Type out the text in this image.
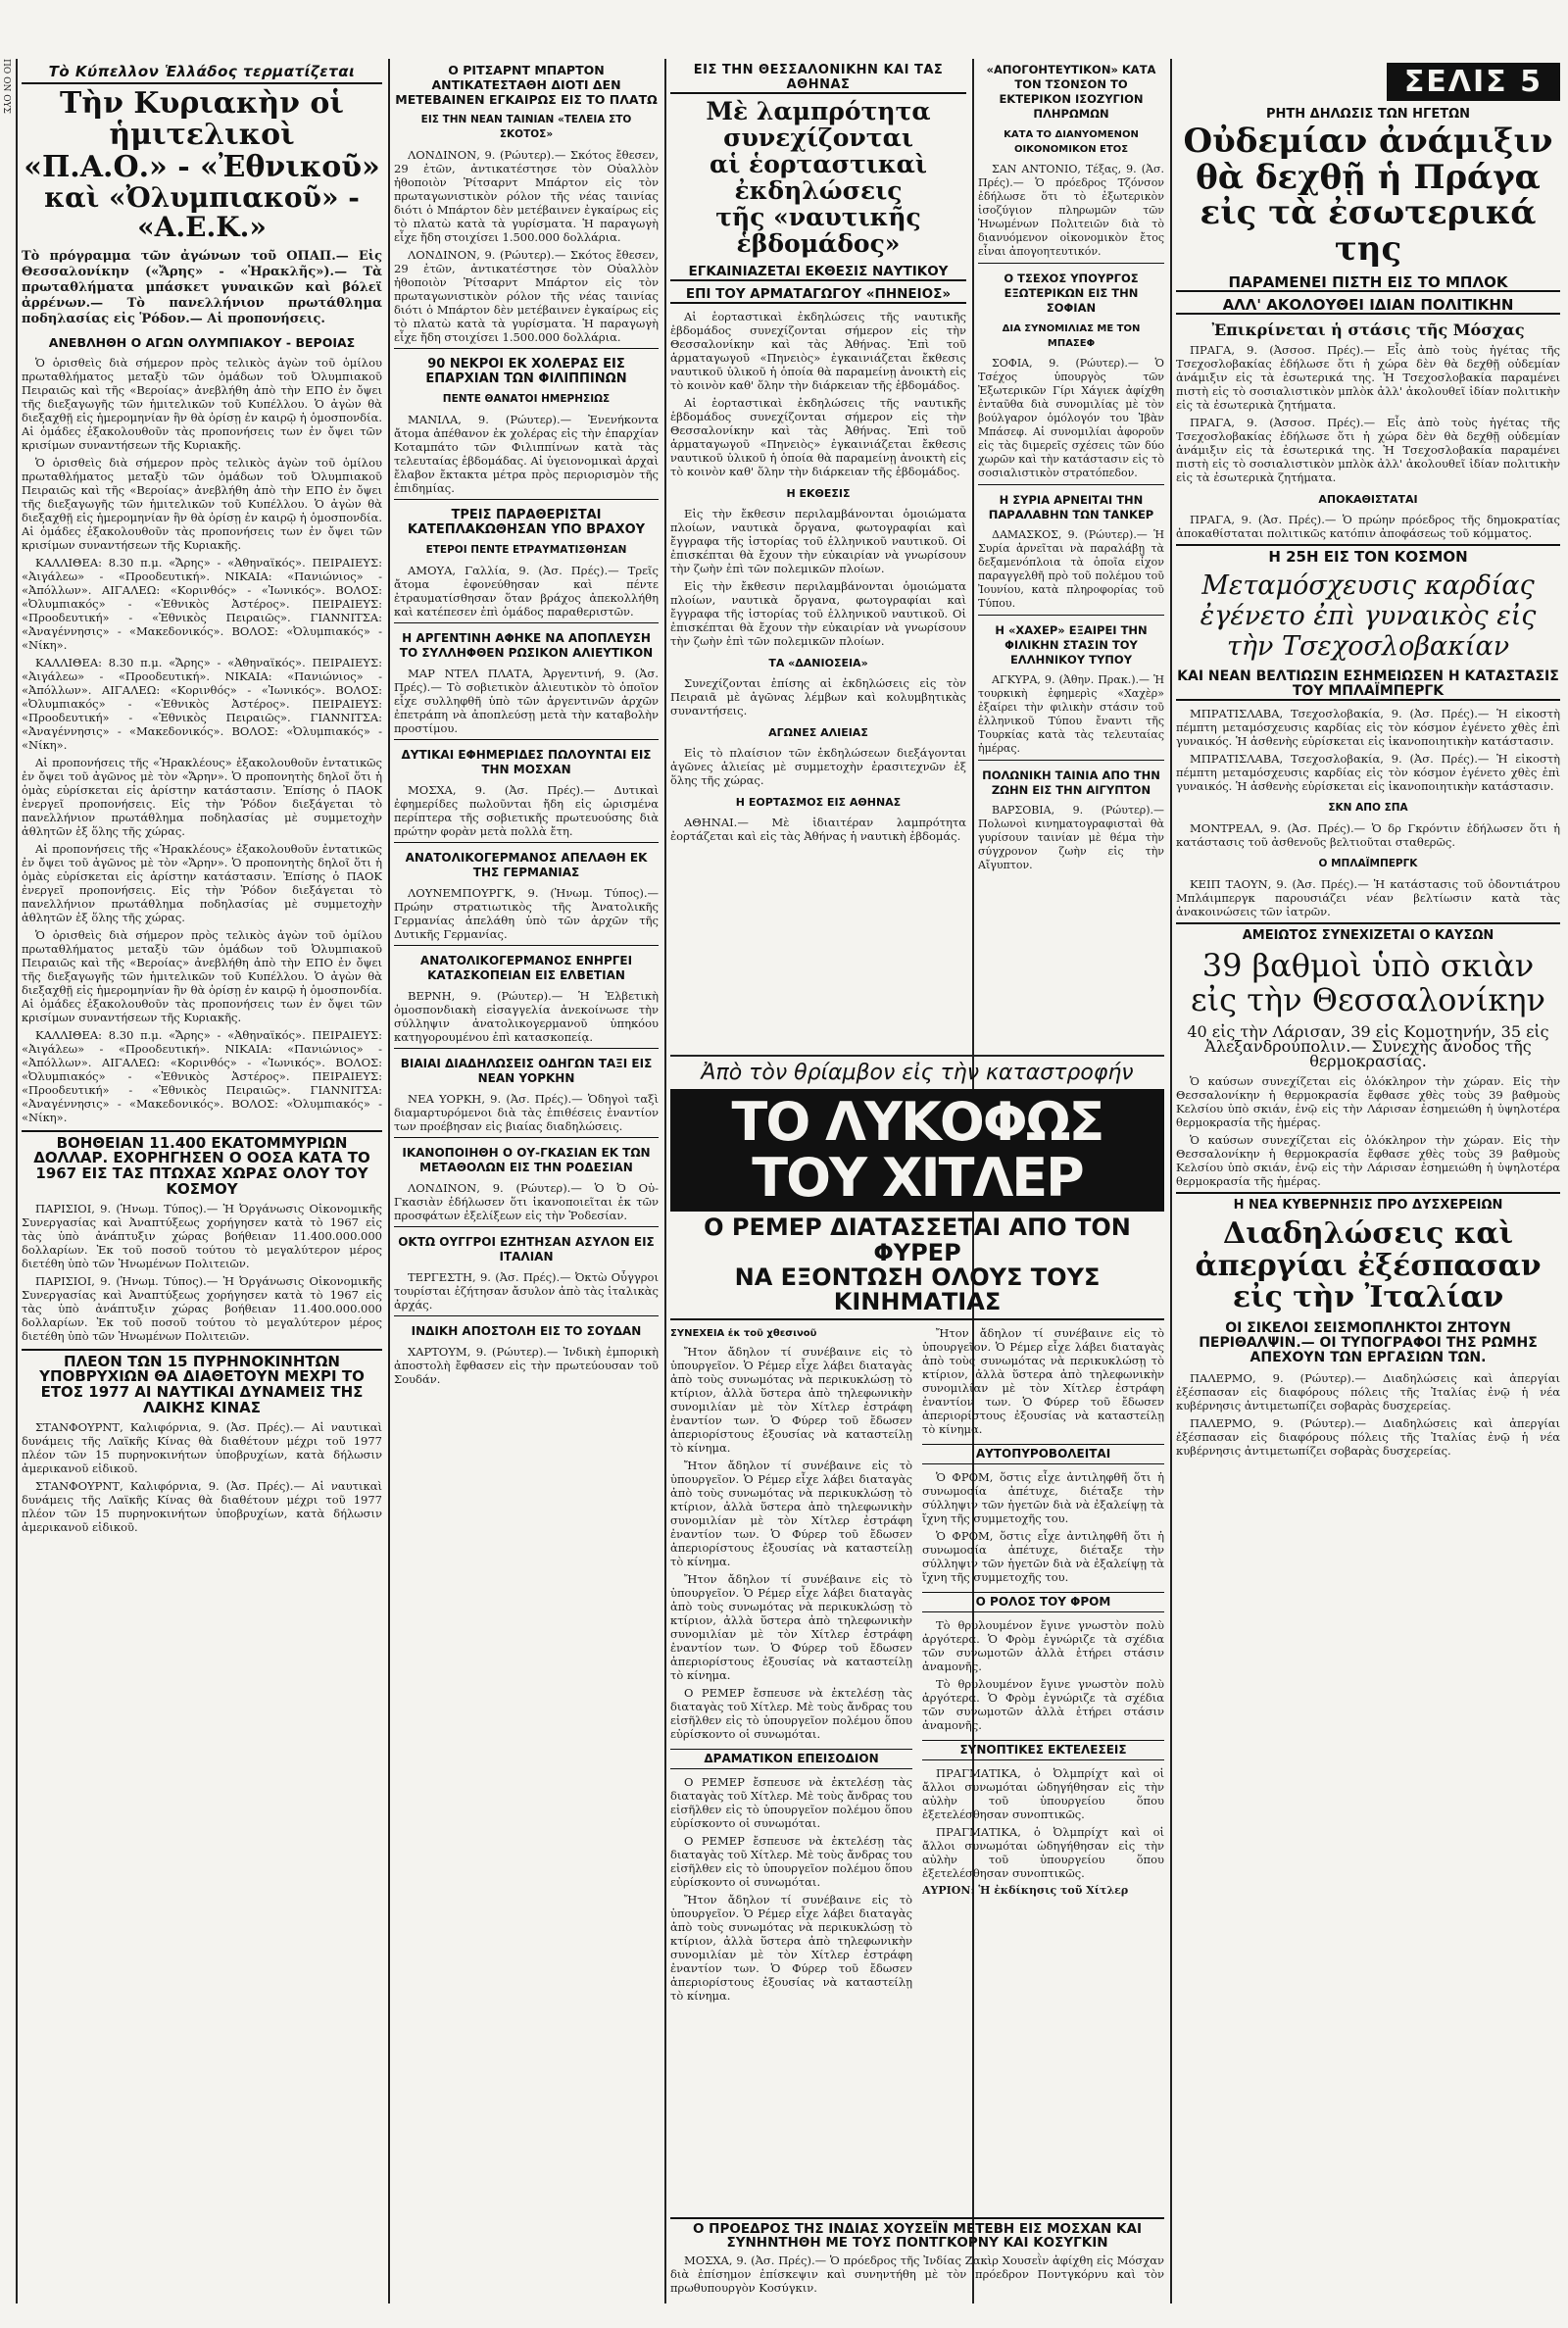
ΠΟ ΟΝ ΟΥΣ	Τὸ Κύπελλον Ἑλλάδος τερματίζεται
Τὴν Κυριακὴν οἱ ἡμιτελικοὶ
«Π.Α.Ο.» - «Ἐθνικοῦ»
καὶ «Ὀλυμπιακοῦ» - «Α.Ε.Κ.»
Τὸ πρόγραμμα τῶν ἀγώνων τοῦ ΟΠΑΠ.— Εἰς Θεσσαλονίκην («Ἄρης» - «Ἡρακλῆς»).— Τὰ πρωταθλήματα μπάσκετ γυναικῶν καὶ βόλεϊ ἀρρένων.— Τὸ πανελλήνιον πρωτάθλημα ποδηλασίας εἰς Ῥόδον.— Αἱ προπονήσεις.
ΑΝΕΒΛΗΘΗ Ο ΑΓΩΝ ΟΛΥΜΠΙΑΚΟΥ - ΒΕΡΟΙΑΣ

Ὁ ὁρισθεὶς διὰ σήμερον πρὸς τελικὸς ἀγὼν τοῦ ὁμίλου πρωταθλήματος μεταξὺ τῶν ὁμάδων τοῦ Ὀλυμπιακοῦ Πειραιῶς καὶ τῆς «Βεροίας» ἀνεβλήθη ἀπὸ τὴν ΕΠΟ ἐν ὄψει τῆς διεξαγωγῆς τῶν ἡμιτελικῶν τοῦ Κυπέλλου. Ὁ ἀγὼν θὰ διεξαχθῇ εἰς ἡμερομηνίαν ἣν θὰ ὁρίσῃ ἐν καιρῷ ἡ ὁμοσπονδία. Αἱ ὁμάδες ἐξακολουθοῦν τὰς προπονήσεις των ἐν ὄψει τῶν κρισίμων συναντήσεων τῆς Κυριακῆς.

Ὁ ὁρισθεὶς διὰ σήμερον πρὸς τελικὸς ἀγὼν τοῦ ὁμίλου πρωταθλήματος μεταξὺ τῶν ὁμάδων τοῦ Ὀλυμπιακοῦ Πειραιῶς καὶ τῆς «Βεροίας» ἀνεβλήθη ἀπὸ τὴν ΕΠΟ ἐν ὄψει τῆς διεξαγωγῆς τῶν ἡμιτελικῶν τοῦ Κυπέλλου. Ὁ ἀγὼν θὰ διεξαχθῇ εἰς ἡμερομηνίαν ἣν θὰ ὁρίσῃ ἐν καιρῷ ἡ ὁμοσπονδία. Αἱ ὁμάδες ἐξακολουθοῦν τὰς προπονήσεις των ἐν ὄψει τῶν κρισίμων συναντήσεων τῆς Κυριακῆς.

ΚΑΛΛΙΘΕΑ: 8.30 π.μ. «Ἄρης» - «Ἀθηναϊκός». ΠΕΙΡΑΙΕΥΣ: «Ἀιγάλεω» - «Προοδευτική». ΝΙΚΑΙΑ: «Πανιώνιος» - «Ἀπόλλων». ΑΙΓΑΛΕΩ: «Κορινθός» - «Ἰωνικός». ΒΟΛΟΣ: «Ὀλυμπιακός» - «Ἐθνικὸς Ἀστέρος». ΠΕΙΡΑΙΕΥΣ: «Προοδευτική» - «Ἐθνικὸς Πειραιῶς». ΓΙΑΝΝΙΤΣΑ: «Ἀναγέννησις» - «Μακεδονικός». ΒΟΛΟΣ: «Ὀλυμπιακός» - «Νίκη».

ΚΑΛΛΙΘΕΑ: 8.30 π.μ. «Ἄρης» - «Ἀθηναϊκός». ΠΕΙΡΑΙΕΥΣ: «Ἀιγάλεω» - «Προοδευτική». ΝΙΚΑΙΑ: «Πανιώνιος» - «Ἀπόλλων». ΑΙΓΑΛΕΩ: «Κορινθός» - «Ἰωνικός». ΒΟΛΟΣ: «Ὀλυμπιακός» - «Ἐθνικὸς Ἀστέρος». ΠΕΙΡΑΙΕΥΣ: «Προοδευτική» - «Ἐθνικὸς Πειραιῶς». ΓΙΑΝΝΙΤΣΑ: «Ἀναγέννησις» - «Μακεδονικός». ΒΟΛΟΣ: «Ὀλυμπιακός» - «Νίκη».

Αἱ προπονήσεις τῆς «Ἡρακλέους» ἐξακολουθοῦν ἐντατικῶς ἐν ὄψει τοῦ ἀγῶνος μὲ τὸν «Ἄρην». Ὁ προπονητὴς δηλοῖ ὅτι ἡ ὁμὰς εὑρίσκεται εἰς ἀρίστην κατάστασιν. Ἐπίσης ὁ ΠΑΟΚ ἐνεργεῖ προπονήσεις. Εἰς τὴν Ῥόδον διεξάγεται τὸ πανελλήνιον πρωτάθλημα ποδηλασίας μὲ συμμετοχὴν ἀθλητῶν ἐξ ὅλης τῆς χώρας.

Αἱ προπονήσεις τῆς «Ἡρακλέους» ἐξακολουθοῦν ἐντατικῶς ἐν ὄψει τοῦ ἀγῶνος μὲ τὸν «Ἄρην». Ὁ προπονητὴς δηλοῖ ὅτι ἡ ὁμὰς εὑρίσκεται εἰς ἀρίστην κατάστασιν. Ἐπίσης ὁ ΠΑΟΚ ἐνεργεῖ προπονήσεις. Εἰς τὴν Ῥόδον διεξάγεται τὸ πανελλήνιον πρωτάθλημα ποδηλασίας μὲ συμμετοχὴν ἀθλητῶν ἐξ ὅλης τῆς χώρας.

Ὁ ὁρισθεὶς διὰ σήμερον πρὸς τελικὸς ἀγὼν τοῦ ὁμίλου πρωταθλήματος μεταξὺ τῶν ὁμάδων τοῦ Ὀλυμπιακοῦ Πειραιῶς καὶ τῆς «Βεροίας» ἀνεβλήθη ἀπὸ τὴν ΕΠΟ ἐν ὄψει τῆς διεξαγωγῆς τῶν ἡμιτελικῶν τοῦ Κυπέλλου. Ὁ ἀγὼν θὰ διεξαχθῇ εἰς ἡμερομηνίαν ἣν θὰ ὁρίσῃ ἐν καιρῷ ἡ ὁμοσπονδία. Αἱ ὁμάδες ἐξακολουθοῦν τὰς προπονήσεις των ἐν ὄψει τῶν κρισίμων συναντήσεων τῆς Κυριακῆς.

ΚΑΛΛΙΘΕΑ: 8.30 π.μ. «Ἄρης» - «Ἀθηναϊκός». ΠΕΙΡΑΙΕΥΣ: «Ἀιγάλεω» - «Προοδευτική». ΝΙΚΑΙΑ: «Πανιώνιος» - «Ἀπόλλων». ΑΙΓΑΛΕΩ: «Κορινθός» - «Ἰωνικός». ΒΟΛΟΣ: «Ὀλυμπιακός» - «Ἐθνικὸς Ἀστέρος». ΠΕΙΡΑΙΕΥΣ: «Προοδευτική» - «Ἐθνικὸς Πειραιῶς». ΓΙΑΝΝΙΤΣΑ: «Ἀναγέννησις» - «Μακεδονικός». ΒΟΛΟΣ: «Ὀλυμπιακός» - «Νίκη».

ΒΟΗΘΕΙΑΝ 11.400 ΕΚΑΤΟΜΜΥΡΙΩΝ ΔΟΛΛΑΡ. ΕΧΟΡΗΓΗΣΕΝ Ο ΟΟΣΑ ΚΑΤΑ ΤΟ 1967 ΕΙΣ ΤΑΣ ΠΤΩΧΑΣ ΧΩΡΑΣ ΟΛΟΥ ΤΟΥ ΚΟΣΜΟΥ

ΠΑΡΙΣΙΟΙ, 9. (Ἡνωμ. Τύπος).— Ἡ Ὀργάνωσις Οἰκονομικῆς Συνεργασίας καὶ Ἀναπτύξεως χορήγησεν κατὰ τὸ 1967 εἰς τὰς ὑπὸ ἀνάπτυξιν χώρας βοήθειαν 11.400.000.000 δολλαρίων. Ἐκ τοῦ ποσοῦ τούτου τὸ μεγαλύτερον μέρος διετέθη ὑπὸ τῶν Ἡνωμένων Πολιτειῶν.

ΠΑΡΙΣΙΟΙ, 9. (Ἡνωμ. Τύπος).— Ἡ Ὀργάνωσις Οἰκονομικῆς Συνεργασίας καὶ Ἀναπτύξεως χορήγησεν κατὰ τὸ 1967 εἰς τὰς ὑπὸ ἀνάπτυξιν χώρας βοήθειαν 11.400.000.000 δολλαρίων. Ἐκ τοῦ ποσοῦ τούτου τὸ μεγαλύτερον μέρος διετέθη ὑπὸ τῶν Ἡνωμένων Πολιτειῶν.

ΠΛΕΟΝ ΤΩΝ 15 ΠΥΡΗΝΟΚΙΝΗΤΩΝ ΥΠΟΒΡΥΧΙΩΝ ΘΑ ΔΙΑΘΕΤΟΥΝ ΜΕΧΡΙ ΤΟ ΕΤΟΣ 1977 ΑΙ ΝΑΥΤΙΚΑΙ ΔΥΝΑΜΕΙΣ ΤΗΣ ΛΑΙΚΗΣ ΚΙΝΑΣ

ΣΤΑΝΦΟΥΡΝΤ, Καλιφόρνια, 9. (Ἀσ. Πρές).— Αἱ ναυτικαὶ δυνάμεις τῆς Λαϊκῆς Κίνας θὰ διαθέτουν μέχρι τοῦ 1977 πλέον τῶν 15 πυρηνοκινήτων ὑποβρυχίων, κατὰ δήλωσιν ἀμερικανοῦ εἰδικοῦ.

ΣΤΑΝΦΟΥΡΝΤ, Καλιφόρνια, 9. (Ἀσ. Πρές).— Αἱ ναυτικαὶ δυνάμεις τῆς Λαϊκῆς Κίνας θὰ διαθέτουν μέχρι τοῦ 1977 πλέον τῶν 15 πυρηνοκινήτων ὑποβρυχίων, κατὰ δήλωσιν ἀμερικανοῦ εἰδικοῦ.

Ο ΡΙΤΣΑΡΝΤ ΜΠΑΡΤΟΝ ΑΝΤΙΚΑΤΕΣΤΑΘΗ ΔΙΟΤΙ ΔΕΝ ΜΕΤΕΒΑΙΝΕΝ ΕΓΚΑΙΡΩΣ ΕΙΣ ΤΟ ΠΛΑΤΩ
ΕΙΣ ΤΗΝ ΝΕΑΝ ΤΑΙΝΙΑΝ «ΤΕΛΕΙΑ ΣΤΟ ΣΚΟΤΟΣ»

ΛΟΝΔΙΝΟΝ, 9. (Ρώυτερ).— Σκότος ἔθεσεν, 29 ἐτῶν, ἀντικατέστησε τὸν Οὐαλλὸν ἠθοποιὸν Ῥίτσαρντ Μπάρτον εἰς τὸν πρωταγωνιστικὸν ρόλον τῆς νέας ταινίας διότι ὁ Μπάρτον δὲν μετέβαινεν ἐγκαίρως εἰς τὸ πλατὼ κατὰ τὰ γυρίσματα. Ἡ παραγωγὴ εἶχε ἤδη στοιχίσει 1.500.000 δολλάρια.

ΛΟΝΔΙΝΟΝ, 9. (Ρώυτερ).— Σκότος ἔθεσεν, 29 ἐτῶν, ἀντικατέστησε τὸν Οὐαλλὸν ἠθοποιὸν Ῥίτσαρντ Μπάρτον εἰς τὸν πρωταγωνιστικὸν ρόλον τῆς νέας ταινίας διότι ὁ Μπάρτον δὲν μετέβαινεν ἐγκαίρως εἰς τὸ πλατὼ κατὰ τὰ γυρίσματα. Ἡ παραγωγὴ εἶχε ἤδη στοιχίσει 1.500.000 δολλάρια.

90 ΝΕΚΡΟΙ ΕΚ ΧΟΛΕΡΑΣ ΕΙΣ ΕΠΑΡΧΙΑΝ ΤΩΝ ΦΙΛΙΠΠΙΝΩΝ
ΠΕΝΤΕ ΘΑΝΑΤΟΙ ΗΜΕΡΗΣΙΩΣ

ΜΑΝΙΛΑ, 9. (Ρώυτερ).— Ἐνενήκοντα ἄτομα ἀπέθανον ἐκ χολέρας εἰς τὴν ἐπαρχίαν Κοταμπάτο τῶν Φιλιππίνων κατὰ τὰς τελευταίας ἑβδομάδας. Αἱ ὑγειονομικαὶ ἀρχαὶ ἔλαβον ἔκτακτα μέτρα πρὸς περιορισμὸν τῆς ἐπιδημίας.

ΤΡΕΙΣ ΠΑΡΑΘΕΡΙΣΤΑΙ ΚΑΤΕΠΛΑΚΩΘΗΣΑΝ ΥΠΟ ΒΡΑΧΟΥ
ΕΤΕΡΟΙ ΠΕΝΤΕ ΕΤΡΑΥΜΑΤΙΣΘΗΣΑΝ

ΑΜΟΥΑ, Γαλλία, 9. (Ἀσ. Πρές).— Τρεῖς ἄτομα ἐφονεύθησαν καὶ πέντε ἐτραυματίσθησαν ὅταν βράχος ἀπεκολλήθη καὶ κατέπεσεν ἐπὶ ὁμάδος παραθεριστῶν.

Η ΑΡΓΕΝΤΙΝΗ ΑΦΗΚΕ ΝΑ ΑΠΟΠΛΕΥΣΗ ΤΟ ΣΥΛΛΗΦΘΕΝ ΡΩΣΙΚΟΝ ΑΛΙΕΥΤΙΚΟΝ

ΜΑΡ ΝΤΕΛ ΠΛΑΤΑ, Ἀργεντινή, 9. (Ἀσ. Πρές).— Τὸ σοβιετικὸν ἁλιευτικὸν τὸ ὁποῖον εἶχε συλληφθῆ ὑπὸ τῶν ἀργεντινῶν ἀρχῶν ἐπετράπη νὰ ἀποπλεύσῃ μετὰ τὴν καταβολὴν προστίμου.

ΔΥΤΙΚΑΙ ΕΦΗΜΕΡΙΔΕΣ ΠΩΛΟΥΝΤΑΙ ΕΙΣ ΤΗΝ ΜΟΣΧΑΝ

ΜΟΣΧΑ, 9. (Ἀσ. Πρές).— Δυτικαὶ ἐφημερίδες πωλοῦνται ἤδη εἰς ὡρισμένα περίπτερα τῆς σοβιετικῆς πρωτευούσης διὰ πρώτην φορὰν μετὰ πολλὰ ἔτη.

ΑΝΑΤΟΛΙΚΟΓΕΡΜΑΝΟΣ ΑΠΕΛΑΘΗ ΕΚ ΤΗΣ ΓΕΡΜΑΝΙΑΣ

ΛΟΥΝΕΜΠΟΥΡΓΚ, 9. (Ἡνωμ. Τύπος).— Πρώην στρατιωτικὸς τῆς Ἀνατολικῆς Γερμανίας ἀπελάθη ὑπὸ τῶν ἀρχῶν τῆς Δυτικῆς Γερμανίας.

ΑΝΑΤΟΛΙΚΟΓΕΡΜΑΝΟΣ ΕΝΗΡΓΕΙ ΚΑΤΑΣΚΟΠΕΙΑΝ ΕΙΣ ΕΛΒΕΤΙΑΝ

ΒΕΡΝΗ, 9. (Ρώυτερ).— Ἡ Ἐλβετικὴ ὁμοσπονδιακὴ εἰσαγγελία ἀνεκοίνωσε τὴν σύλληψιν ἀνατολικογερμανοῦ ὑπηκόου κατηγορουμένου ἐπὶ κατασκοπείᾳ.

ΒΙΑΙΑΙ ΔΙΑΔΗΛΩΣΕΙΣ ΟΔΗΓΩΝ ΤΑΞΙ ΕΙΣ ΝΕΑΝ ΥΟΡΚΗΝ

ΝΕΑ ΥΟΡΚΗ, 9. (Ἀσ. Πρές).— Ὁδηγοὶ ταξὶ διαμαρτυρόμενοι διὰ τὰς ἐπιθέσεις ἐναντίον των προέβησαν εἰς βιαίας διαδηλώσεις.

ΙΚΑΝΟΠΟΙΗΘΗ Ο ΟΥ-ΓΚΑΣΙΑΝ ΕΚ ΤΩΝ ΜΕΤΑΘΟΛΩΝ ΕΙΣ ΤΗΝ ΡΟΔΕΣΙΑΝ

ΛΟΝΔΙΝΟΝ, 9. (Ρώυτερ).— Ὁ Ὀ Οὐ-Γκασιὰν ἐδήλωσεν ὅτι ἱκανοποιεῖται ἐκ τῶν προσφάτων ἐξελίξεων εἰς τὴν Ῥοδεσίαν.

ΟΚΤΩ ΟΥΓΓΡΟΙ ΕΖΗΤΗΣΑΝ ΑΣΥΛΟΝ ΕΙΣ ΙΤΑΛΙΑΝ

ΤΕΡΓΕΣΤΗ, 9. (Ἀσ. Πρές).— Ὀκτὼ Οὖγγροι τουρίσται ἐζήτησαν ἄσυλον ἀπὸ τὰς ἰταλικὰς ἀρχάς.

ΙΝΔΙΚΗ ΑΠΟΣΤΟΛΗ ΕΙΣ ΤΟ ΣΟΥΔΑΝ

ΧΑΡΤΟΥΜ, 9. (Ρώυτερ).— Ἰνδικὴ ἐμπορικὴ ἀποστολὴ ἔφθασεν εἰς τὴν πρωτεύουσαν τοῦ Σουδάν.

ΕΙΣ ΤΗΝ ΘΕΣΣΑΛΟΝΙΚΗΝ ΚΑΙ ΤΑΣ ΑΘΗΝΑΣ
Μὲ λαμπρότητα συνεχίζονται
αἱ ἑορταστικαὶ ἐκδηλώσεις
τῆς «ναυτικῆς ἑβδομάδος»
ΕΓΚΑΙΝΙΑΖΕΤΑΙ ΕΚΘΕΣΙΣ ΝΑΥΤΙΚΟΥ
ΕΠΙ ΤΟΥ ΑΡΜΑΤΑΓΩΓΟΥ «ΠΗΝΕΙΟΣ»

Αἱ ἑορταστικαὶ ἐκδηλώσεις τῆς ναυτικῆς ἑβδομάδος συνεχίζονται σήμερον εἰς τὴν Θεσσαλονίκην καὶ τὰς Ἀθήνας. Ἐπὶ τοῦ ἁρματαγωγοῦ «Πηνειὸς» ἐγκαινιάζεται ἔκθεσις ναυτικοῦ ὑλικοῦ ἡ ὁποία θὰ παραμείνῃ ἀνοικτὴ εἰς τὸ κοινὸν καθ' ὅλην τὴν διάρκειαν τῆς ἑβδομάδος.

Αἱ ἑορταστικαὶ ἐκδηλώσεις τῆς ναυτικῆς ἑβδομάδος συνεχίζονται σήμερον εἰς τὴν Θεσσαλονίκην καὶ τὰς Ἀθήνας. Ἐπὶ τοῦ ἁρματαγωγοῦ «Πηνειὸς» ἐγκαινιάζεται ἔκθεσις ναυτικοῦ ὑλικοῦ ἡ ὁποία θὰ παραμείνῃ ἀνοικτὴ εἰς τὸ κοινὸν καθ' ὅλην τὴν διάρκειαν τῆς ἑβδομάδος.

Η ΕΚΘΕΣΙΣ

Εἰς τὴν ἔκθεσιν περιλαμβάνονται ὁμοιώματα πλοίων, ναυτικὰ ὄργανα, φωτογραφίαι καὶ ἔγγραφα τῆς ἱστορίας τοῦ ἑλληνικοῦ ναυτικοῦ. Οἱ ἐπισκέπται θὰ ἔχουν τὴν εὐκαιρίαν νὰ γνωρίσουν τὴν ζωὴν ἐπὶ τῶν πολεμικῶν πλοίων.

Εἰς τὴν ἔκθεσιν περιλαμβάνονται ὁμοιώματα πλοίων, ναυτικὰ ὄργανα, φωτογραφίαι καὶ ἔγγραφα τῆς ἱστορίας τοῦ ἑλληνικοῦ ναυτικοῦ. Οἱ ἐπισκέπται θὰ ἔχουν τὴν εὐκαιρίαν νὰ γνωρίσουν τὴν ζωὴν ἐπὶ τῶν πολεμικῶν πλοίων.

ΤΑ «ΔΑΝΙΟΣΕΙΑ»

Συνεχίζονται ἐπίσης αἱ ἐκδηλώσεις εἰς τὸν Πειραιᾶ μὲ ἀγῶνας λέμβων καὶ κολυμβητικὰς συναντήσεις.

ΑΓΩΝΕΣ ΑΛΙΕΙΑΣ

Εἰς τὸ πλαίσιον τῶν ἐκδηλώσεων διεξάγονται ἀγῶνες ἁλιείας μὲ συμμετοχὴν ἐρασιτεχνῶν ἐξ ὅλης τῆς χώρας.

Η ΕΟΡΤΑΣΜΟΣ ΕΙΣ ΑΘΗΝΑΣ

ΑΘΗΝΑΙ.— Μὲ ἰδιαιτέραν λαμπρότητα ἐορτάζεται καὶ εἰς τὰς Ἀθήνας ἡ ναυτικὴ ἑβδομάς.

«ΑΠΟΓΟΗΤΕΥΤΙΚΟΝ» ΚΑΤΑ ΤΟΝ ΤΣΟΝΣΟΝ ΤΟ ΕΚΤΕΡΙΚΟΝ ΙΣΟΖΥΓΙΟΝ ΠΛΗΡΩΜΩΝ
ΚΑΤΑ ΤΟ ΔΙΑΝΥΟΜΕΝΟΝ ΟΙΚΟΝΟΜΙΚΟΝ ΕΤΟΣ

ΣΑΝ ΑΝΤΟΝΙΟ, Τέξας, 9. (Ἀσ. Πρές).— Ὁ πρόεδρος Τζόνσον ἐδήλωσε ὅτι τὸ ἐξωτερικὸν ἰσοζύγιον πληρωμῶν τῶν Ἡνωμένων Πολιτειῶν διὰ τὸ διανυόμενον οἰκονομικὸν ἔτος εἶναι ἀπογοητευτικόν.

Ο ΤΣΕΧΟΣ ΥΠΟΥΡΓΟΣ ΕΞΩΤΕΡΙΚΩΝ ΕΙΣ ΤΗΝ ΣΟΦΙΑΝ
ΔΙΑ ΣΥΝΟΜΙΛΙΑΣ ΜΕ ΤΟΝ ΜΠΑΣΕΦ

ΣΟΦΙΑ, 9. (Ρώυτερ).— Ὁ Τσέχος ὑπουργὸς τῶν Ἐξωτερικῶν Γίρι Χάγιεκ ἀφίχθη ἐνταῦθα διὰ συνομιλίας μὲ τὸν βούλγαρον ὁμόλογόν του Ἰβὰν Μπάσεφ. Αἱ συνομιλίαι ἀφοροῦν εἰς τὰς διμερεῖς σχέσεις τῶν δύο χωρῶν καὶ τὴν κατάστασιν εἰς τὸ σοσιαλιστικὸν στρατόπεδον.

Η ΣΥΡΙΑ ΑΡΝΕΙΤΑΙ ΤΗΝ ΠΑΡΑΛΑΒΗΝ ΤΩΝ ΤΑΝΚΕΡ

ΔΑΜΑΣΚΟΣ, 9. (Ρώυτερ).— Ἡ Συρία ἀρνεῖται νὰ παραλάβῃ τὰ δεξαμενόπλοια τὰ ὁποῖα εἶχον παραγγελθῆ πρὸ τοῦ πολέμου τοῦ Ἰουνίου, κατὰ πληροφορίας τοῦ Τύπου.

Η «ΧΑΧΕΡ» ΕΞΑΙΡΕΙ ΤΗΝ ΦΙΛΙΚΗΝ ΣΤΑΣΙΝ ΤΟΥ ΕΛΛΗΝΙΚΟΥ ΤΥΠΟΥ

ΑΓΚΥΡΑ, 9. (Ἀθην. Πρακ.).— Ἡ τουρκικὴ ἐφημερὶς «Χαχὲρ» ἐξαίρει τὴν φιλικὴν στάσιν τοῦ ἑλληνικοῦ Τύπου ἔναντι τῆς Τουρκίας κατὰ τὰς τελευταίας ἡμέρας.

ΠΟΛΩΝΙΚΗ ΤΑΙΝΙΑ ΑΠΟ ΤΗΝ ΖΩΗΝ ΕΙΣ ΤΗΝ ΑΙΓΥΠΤΟΝ

ΒΑΡΣΟΒΙΑ, 9. (Ρώυτερ).— Πολωνοὶ κινηματογραφισταὶ θὰ γυρίσουν ταινίαν μὲ θέμα τὴν σύγχρονον ζωὴν εἰς τὴν Αἴγυπτον.

Ἀπὸ τὸν θρίαμβον εἰς τὴν καταστροφήν
ΤΟ ΛΥΚΟΦΩΣ ΤΟΥ ΧΙΤΛΕΡ
Ο ΡΕΜΕΡ ΔΙΑΤΑΣΣΕΤΑΙ ΑΠΟ ΤΟΝ ΦΥΡΕΡ
ΝΑ ΕΞΟΝΤΩΣΗ ΟΛΟΥΣ ΤΟΥΣ ΚΙΝΗΜΑΤΙΑΣ
ΣΥΝΕΧΕΙΑ ἐκ τοῦ χθεσινοῦ

Ἤτον ἄδηλον τί συνέβαινε εἰς τὸ ὑπουργεῖον. Ὁ Ρέμερ εἶχε λάβει διαταγὰς ἀπὸ τοὺς συνωμότας νὰ περικυκλώσῃ τὸ κτίριον, ἀλλὰ ὕστερα ἀπὸ τηλεφωνικὴν συνομιλίαν μὲ τὸν Χίτλερ ἐστράφη ἐναντίον των. Ὁ Φύρερ τοῦ ἔδωσεν ἀπεριορίστους ἐξουσίας νὰ καταστείλῃ τὸ κίνημα.

Ἤτον ἄδηλον τί συνέβαινε εἰς τὸ ὑπουργεῖον. Ὁ Ρέμερ εἶχε λάβει διαταγὰς ἀπὸ τοὺς συνωμότας νὰ περικυκλώσῃ τὸ κτίριον, ἀλλὰ ὕστερα ἀπὸ τηλεφωνικὴν συνομιλίαν μὲ τὸν Χίτλερ ἐστράφη ἐναντίον των. Ὁ Φύρερ τοῦ ἔδωσεν ἀπεριορίστους ἐξουσίας νὰ καταστείλῃ τὸ κίνημα.

Ἤτον ἄδηλον τί συνέβαινε εἰς τὸ ὑπουργεῖον. Ὁ Ρέμερ εἶχε λάβει διαταγὰς ἀπὸ τοὺς συνωμότας νὰ περικυκλώσῃ τὸ κτίριον, ἀλλὰ ὕστερα ἀπὸ τηλεφωνικὴν συνομιλίαν μὲ τὸν Χίτλερ ἐστράφη ἐναντίον των. Ὁ Φύρερ τοῦ ἔδωσεν ἀπεριορίστους ἐξουσίας νὰ καταστείλῃ τὸ κίνημα.

Ο ΡΕΜΕΡ ἔσπευσε νὰ ἐκτελέσῃ τὰς διαταγὰς τοῦ Χίτλερ. Μὲ τοὺς ἄνδρας του εἰσῆλθεν εἰς τὸ ὑπουργεῖον πολέμου ὅπου εὑρίσκοντο οἱ συνωμόται.

ΔΡΑΜΑΤΙΚΟΝ ΕΠΕΙΣΟΔΙΟΝ

Ο ΡΕΜΕΡ ἔσπευσε νὰ ἐκτελέσῃ τὰς διαταγὰς τοῦ Χίτλερ. Μὲ τοὺς ἄνδρας του εἰσῆλθεν εἰς τὸ ὑπουργεῖον πολέμου ὅπου εὑρίσκοντο οἱ συνωμόται.

Ο ΡΕΜΕΡ ἔσπευσε νὰ ἐκτελέσῃ τὰς διαταγὰς τοῦ Χίτλερ. Μὲ τοὺς ἄνδρας του εἰσῆλθεν εἰς τὸ ὑπουργεῖον πολέμου ὅπου εὑρίσκοντο οἱ συνωμόται.

Ἤτον ἄδηλον τί συνέβαινε εἰς τὸ ὑπουργεῖον. Ὁ Ρέμερ εἶχε λάβει διαταγὰς ἀπὸ τοὺς συνωμότας νὰ περικυκλώσῃ τὸ κτίριον, ἀλλὰ ὕστερα ἀπὸ τηλεφωνικὴν συνομιλίαν μὲ τὸν Χίτλερ ἐστράφη ἐναντίον των. Ὁ Φύρερ τοῦ ἔδωσεν ἀπεριορίστους ἐξουσίας νὰ καταστείλῃ τὸ κίνημα.

Ἤτον ἄδηλον τί συνέβαινε εἰς τὸ ὑπουργεῖον. Ὁ Ρέμερ εἶχε λάβει διαταγὰς ἀπὸ τοὺς συνωμότας νὰ περικυκλώσῃ τὸ κτίριον, ἀλλὰ ὕστερα ἀπὸ τηλεφωνικὴν συνομιλίαν μὲ τὸν Χίτλερ ἐστράφη ἐναντίον των. Ὁ Φύρερ τοῦ ἔδωσεν ἀπεριορίστους ἐξουσίας νὰ καταστείλῃ τὸ κίνημα.

ΑΥΤΟΠΥΡΟΒΟΛΕΙΤΑΙ

Ὁ ΦΡΟΜ, ὅστις εἶχε ἀντιληφθῆ ὅτι ἡ συνωμοσία ἀπέτυχε, διέταξε τὴν σύλληψιν τῶν ἡγετῶν διὰ νὰ ἐξαλείψῃ τὰ ἴχνη τῆς συμμετοχῆς του.

Ὁ ΦΡΟΜ, ὅστις εἶχε ἀντιληφθῆ ὅτι ἡ συνωμοσία ἀπέτυχε, διέταξε τὴν σύλληψιν τῶν ἡγετῶν διὰ νὰ ἐξαλείψῃ τὰ ἴχνη τῆς συμμετοχῆς του.

Ο ΡΟΛΟΣ ΤΟΥ ΦΡΟΜ

Τὸ θρυλουμένον ἔγινε γνωστὸν πολὺ ἀργότερα. Ὁ Φρὸμ ἐγνώριζε τὰ σχέδια τῶν συνωμοτῶν ἀλλὰ ἐτήρει στάσιν ἀναμονῆς.

Τὸ θρυλουμένον ἔγινε γνωστὸν πολὺ ἀργότερα. Ὁ Φρὸμ ἐγνώριζε τὰ σχέδια τῶν συνωμοτῶν ἀλλὰ ἐτήρει στάσιν ἀναμονῆς.

ΣΥΝΟΠΤΙΚΕΣ ΕΚΤΕΛΕΣΕΙΣ

ΠΡΑΓΜΑΤΙΚΑ, ὁ Ὀλμπρίχτ καὶ οἱ ἄλλοι συνωμόται ὡδηγήθησαν εἰς τὴν αὐλὴν τοῦ ὑπουργείου ὅπου ἐξετελέσθησαν συνοπτικῶς.

ΠΡΑΓΜΑΤΙΚΑ, ὁ Ὀλμπρίχτ καὶ οἱ ἄλλοι συνωμόται ὡδηγήθησαν εἰς τὴν αὐλὴν τοῦ ὑπουργείου ὅπου ἐξετελέσθησαν συνοπτικῶς.

ΑΥΡΙΟΝ: Ἡ ἐκδίκησις τοῦ Χίτλερ
Ο ΠΡΟΕΔΡΟΣ ΤΗΣ ΙΝΔΙΑΣ ΧΟΥΣΕΪΝ ΜΕΤΕΒΗ ΕΙΣ ΜΟΣΧΑΝ ΚΑΙ ΣΥΝΗΝΤΗΘΗ ΜΕ ΤΟΥΣ ΠΟΝΤΓΚΟΡΝΥ ΚΑΙ ΚΟΣΥΓΚΙΝ

ΜΟΣΧΑ, 9. (Ἀσ. Πρές).— Ὁ πρόεδρος τῆς Ἰνδίας Ζακὶρ Χουσεῒν ἀφίχθη εἰς Μόσχαν διὰ ἐπίσημον ἐπίσκεψιν καὶ συνηντήθη μὲ τὸν πρόεδρον Ποντγκόρνυ καὶ τὸν πρωθυπουργὸν Κοσύγκιν.

ΣΕΛΙΣ 5
ΡΗΤΗ ΔΗΛΩΣΙΣ ΤΩΝ ΗΓΕΤΩΝ
Οὐδεμίαν ἀνάμιξιν
θὰ δεχθῇ ἡ Πράγα
εἰς τὰ ἐσωτερικά της
ΠΑΡΑΜΕΝΕΙ ΠΙΣΤΗ ΕΙΣ ΤΟ ΜΠΛΟΚ
ΑΛΛ' ΑΚΟΛΟΥΘΕΙ ΙΔΙΑΝ ΠΟΛΙΤΙΚΗΝ
Ἐπικρίνεται ἡ στάσις τῆς Μόσχας

ΠΡΑΓΑ, 9. (Ἀσσοσ. Πρές).— Εἷς ἀπὸ τοὺς ἡγέτας τῆς Τσεχοσλοβακίας ἐδήλωσε ὅτι ἡ χώρα δὲν θὰ δεχθῇ οὐδεμίαν ἀνάμιξιν εἰς τὰ ἐσωτερικά της. Ἡ Τσεχοσλοβακία παραμένει πιστὴ εἰς τὸ σοσιαλιστικὸν μπλὸκ ἀλλ' ἀκολουθεῖ ἰδίαν πολιτικὴν εἰς τὰ ἐσωτερικὰ ζητήματα.

ΠΡΑΓΑ, 9. (Ἀσσοσ. Πρές).— Εἷς ἀπὸ τοὺς ἡγέτας τῆς Τσεχοσλοβακίας ἐδήλωσε ὅτι ἡ χώρα δὲν θὰ δεχθῇ οὐδεμίαν ἀνάμιξιν εἰς τὰ ἐσωτερικά της. Ἡ Τσεχοσλοβακία παραμένει πιστὴ εἰς τὸ σοσιαλιστικὸν μπλὸκ ἀλλ' ἀκολουθεῖ ἰδίαν πολιτικὴν εἰς τὰ ἐσωτερικὰ ζητήματα.

ΑΠΟΚΑΘΙΣΤΑΤΑΙ

ΠΡΑΓΑ, 9. (Ἀσ. Πρές).— Ὁ πρώην πρόεδρος τῆς δημοκρατίας ἀποκαθίσταται πολιτικῶς κατόπιν ἀποφάσεως τοῦ κόμματος.

Η 25Η ΕΙΣ ΤΟΝ ΚΟΣΜΟΝ
Μεταμόσχευσις καρδίας ἐγένετο ἐπὶ γυναικὸς εἰς τὴν Τσεχοσλοβακίαν
ΚΑΙ ΝΕΑΝ ΒΕΛΤΙΩΣΙΝ ΕΣΗΜΕΙΩΣΕΝ Η ΚΑΤΑΣΤΑΣΙΣ ΤΟΥ ΜΠΛΑΪΜΠΕΡΓΚ

ΜΠΡΑΤΙΣΛΑΒΑ, Τσεχοσλοβακία, 9. (Ἀσ. Πρές).— Ἡ εἰκοστὴ πέμπτη μεταμόσχευσις καρδίας εἰς τὸν κόσμον ἐγένετο χθὲς ἐπὶ γυναικός. Ἡ ἀσθενὴς εὑρίσκεται εἰς ἱκανοποιητικὴν κατάστασιν.

ΜΠΡΑΤΙΣΛΑΒΑ, Τσεχοσλοβακία, 9. (Ἀσ. Πρές).— Ἡ εἰκοστὴ πέμπτη μεταμόσχευσις καρδίας εἰς τὸν κόσμον ἐγένετο χθὲς ἐπὶ γυναικός. Ἡ ἀσθενὴς εὑρίσκεται εἰς ἱκανοποιητικὴν κατάστασιν.

ΣΚΝ ΑΠΟ ΣΠΑ

ΜΟΝΤΡΕΑΛ, 9. (Ἀσ. Πρές).— Ὁ δρ Γκρόντιν ἐδήλωσεν ὅτι ἡ κατάστασις τοῦ ἀσθενοῦς βελτιοῦται σταθερῶς.

Ο ΜΠΛΑΪΜΠΕΡΓΚ

ΚΕΙΠ ΤΑΟΥΝ, 9. (Ἀσ. Πρές).— Ἡ κατάστασις τοῦ ὀδοντιάτρου Μπλάιμπεργκ παρουσιάζει νέαν βελτίωσιν κατὰ τὰς ἀνακοινώσεις τῶν ἰατρῶν.

ΑΜΕΙΩΤΟΣ ΣΥΝΕΧΙΖΕΤΑΙ Ο ΚΑΥΣΩΝ
39 βαθμοὶ ὑπὸ σκιὰν εἰς τὴν Θεσσαλονίκην
40 εἰς τὴν Λάρισαν, 39 εἰς Κομοτηνήν, 35 εἰς Ἀλεξανδρούπολιν.— Συνεχὴς ἄνοδος τῆς θερμοκρασίας.

Ὁ καύσων συνεχίζεται εἰς ὁλόκληρον τὴν χώραν. Εἰς τὴν Θεσσαλονίκην ἡ θερμοκρασία ἔφθασε χθὲς τοὺς 39 βαθμοὺς Κελσίου ὑπὸ σκιάν, ἐνῷ εἰς τὴν Λάρισαν ἐσημειώθη ἡ ὑψηλοτέρα θερμοκρασία τῆς ἡμέρας.

Ὁ καύσων συνεχίζεται εἰς ὁλόκληρον τὴν χώραν. Εἰς τὴν Θεσσαλονίκην ἡ θερμοκρασία ἔφθασε χθὲς τοὺς 39 βαθμοὺς Κελσίου ὑπὸ σκιάν, ἐνῷ εἰς τὴν Λάρισαν ἐσημειώθη ἡ ὑψηλοτέρα θερμοκρασία τῆς ἡμέρας.

Η ΝΕΑ ΚΥΒΕΡΝΗΣΙΣ ΠΡΟ ΔΥΣΧΕΡΕΙΩΝ
Διαδηλώσεις καὶ ἀπεργίαι ἐξέσπασαν εἰς τὴν Ἰταλίαν
ΟΙ ΣΙΚΕΛΟΙ ΣΕΙΣΜΟΠΛΗΚΤΟΙ ΖΗΤΟΥΝ ΠΕΡΙΘΑΛΨΙΝ.— ΟΙ ΤΥΠΟΓΡΑΦΟΙ ΤΗΣ ΡΩΜΗΣ ΑΠΕΧΟΥΝ ΤΩΝ ΕΡΓΑΣΙΩΝ ΤΩΝ.

ΠΑΛΕΡΜΟ, 9. (Ρώυτερ).— Διαδηλώσεις καὶ ἀπεργίαι ἐξέσπασαν εἰς διαφόρους πόλεις τῆς Ἰταλίας ἐνῷ ἡ νέα κυβέρνησις ἀντιμετωπίζει σοβαρὰς δυσχερείας.

ΠΑΛΕΡΜΟ, 9. (Ρώυτερ).— Διαδηλώσεις καὶ ἀπεργίαι ἐξέσπασαν εἰς διαφόρους πόλεις τῆς Ἰταλίας ἐνῷ ἡ νέα κυβέρνησις ἀντιμετωπίζει σοβαρὰς δυσχερείας.
